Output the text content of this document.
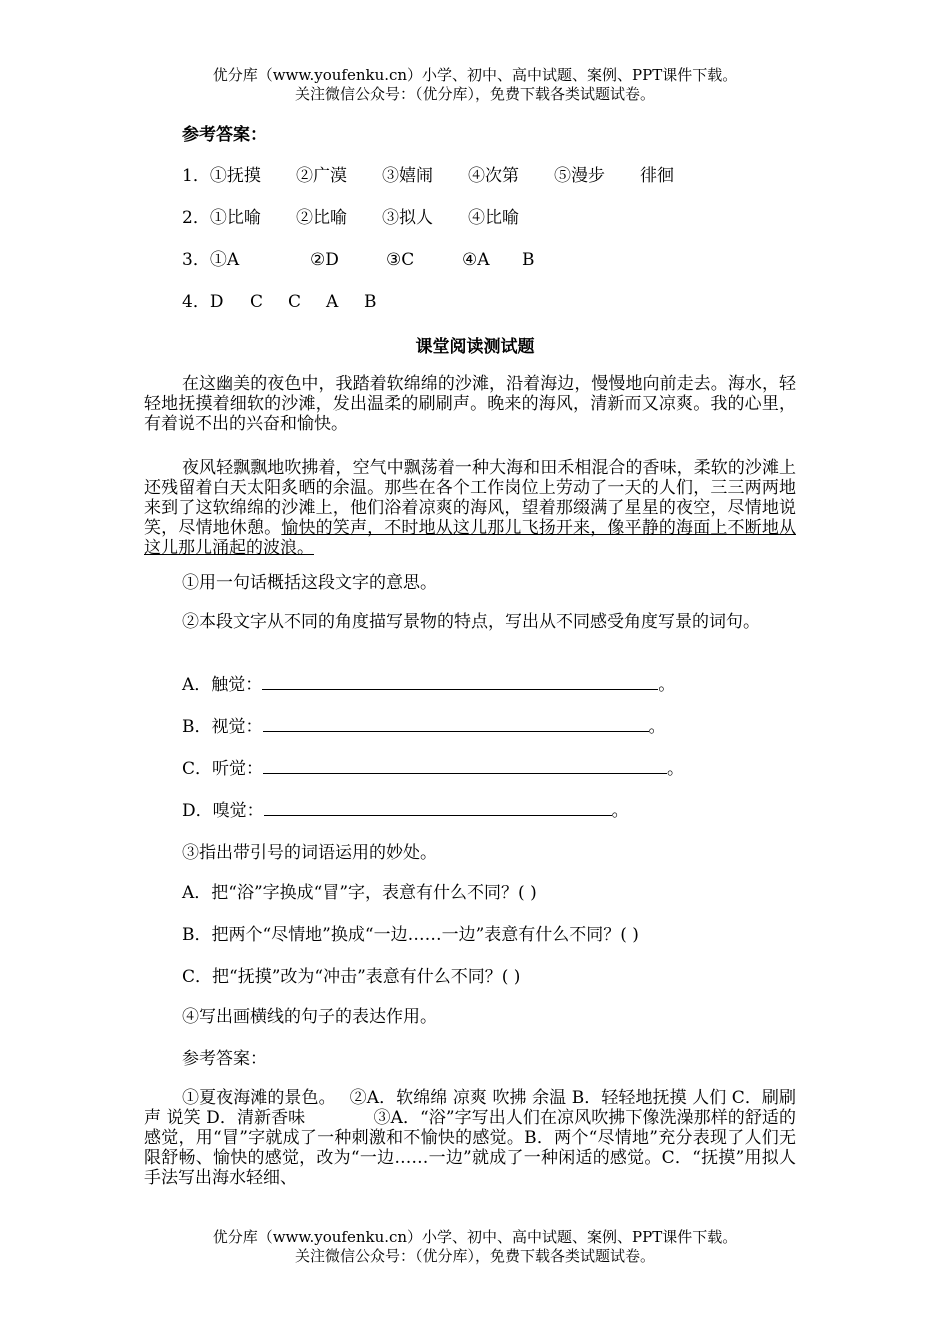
优分库（www.youfenku.cn）小学、初中、高中试题、案例、PPT课件下载。
关注微信公众号：（优分库），免费下载各类试题试卷。
参考答案：
1．①抚摸 ②广漠 ③嬉闹 ④次第 ⑤漫步 徘徊
2．①比喻 ②比喻 ③拟人 ④比喻
3．①A	②D	③C	④A B
4．D C C A B
课堂阅读测试题
在这幽美的夜色中，我踏着软绵绵的沙滩，沿着海边，慢慢地向前走去。海水，轻轻地抚摸着细软的沙滩，发出温柔的刷刷声。晚来的海风，清新而又凉爽。我的心里，有着说不出的兴奋和愉快。
夜风轻飘飘地吹拂着，空气中飘荡着一种大海和田禾相混合的香味，柔软的沙滩上还残留着白天太阳炙晒的余温。那些在各个工作岗位上劳动了一天的人们，三三两两地来到了这软绵绵的沙滩上，他们浴着凉爽的海风，望着那缀满了星星的夜空，尽情地说笑，尽情地休憩。愉快的笑声，不时地从这儿那儿飞扬开来，像平静的海面上不断地从这儿那儿涌起的波浪。
①用一句话概括这段文字的意思。
②本段文字从不同的角度描写景物的特点，写出从不同感受角度写景的词句。
A．触觉：	。
B．视觉：	。
C．听觉：	。
D．嗅觉：	。
③指出带引号的词语运用的妙处。
A．把“浴”字换成“冒”字，表意有什么不同？( )
B．把两个“尽情地”换成“一边……一边”表意有什么不同？( )
C．把“抚摸”改为“冲击”表意有什么不同？( )
④写出画横线的句子的表达作用。
参考答案：
①夏夜海滩的景色。　 ②A．软绵绵 凉爽 吹拂 余温 B．轻轻地抚摸 人们 C．刷刷声 说笑 D．清新香味　　　　③A．“浴”字写出人们在凉风吹拂下像洗澡那样的舒适的感觉，用“冒”字就成了一种刺激和不愉快的感觉。B．两个“尽情地”充分表现了人们无限舒畅、愉快的感觉，改为“一边……一边”就成了一种闲适的感觉。C．“抚摸”用拟人手法写出海水轻细、
优分库（www.youfenku.cn）小学、初中、高中试题、案例、PPT课件下载。
关注微信公众号：（优分库），免费下载各类试题试卷。
